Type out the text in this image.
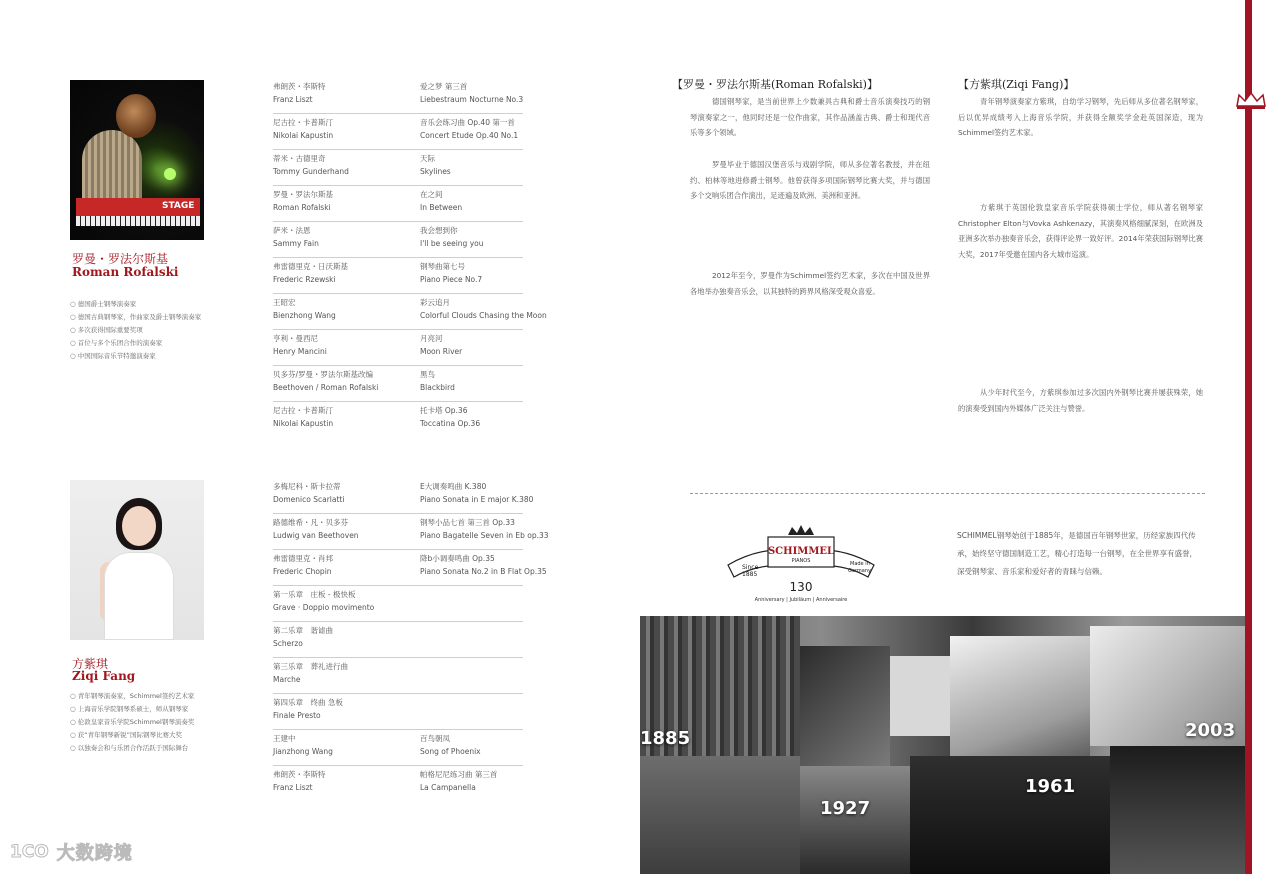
STAGE
罗曼・罗法尔斯基
Roman Rofalski
○ 德国爵士钢琴演奏家
○ 德国古典钢琴家，作曲家及爵士钢琴演奏家
○ 多次获得国际重要奖项
○ 首位与多个乐团合作的演奏家
○ 中国国际音乐节特邀演奏家
弗朗茨・李斯特
Franz Liszt
爱之梦 第三首
Liebestraum Nocturne No.3
尼古拉・卡普斯汀
Nikolai Kapustin
音乐会练习曲 Op.40 第一首
Concert Etude Op.40 No.1
蒂米・古德里奇
Tommy Gunderhand
天际
Skylines
罗曼・罗法尔斯基
Roman Rofalski
在之间
In Between
萨米・法恩
Sammy Fain
我会想到你
I'll be seeing you
弗雷德里克・日沃斯基
Frederic Rzewski
钢琴曲第七号
Piano Piece No.7
王昭宏
Bienzhong Wang
彩云追月
Colorful Clouds Chasing the Moon
亨利・曼西尼
Henry Mancini
月亮河
Moon River
贝多芬/罗曼・罗法尔斯基改编
Beethoven / Roman Rofalski
黑鸟
Blackbird
尼古拉・卡普斯汀
Nikolai Kapustin
托卡塔 Op.36
Toccatina Op.36
方紫琪
Ziqi Fang
○ 青年钢琴演奏家，Schimmel签约艺术家
○ 上海音乐学院钢琴系硕士，师从钢琴家
○ 伦敦皇家音乐学院Schimmel钢琴演奏奖
○ 获“青年钢琴新锐”国际钢琴比赛大奖
○ 以独奏会和与乐团合作活跃于国际舞台
多梅尼科・斯卡拉蒂
Domenico Scarlatti
E大调奏鸣曲 K.380
Piano Sonata in E major K.380
路德维希・凡・贝多芬
Ludwig van Beethoven
钢琴小品七首 第三首 Op.33
Piano Bagatelle Seven in Eb op.33
弗雷德里克・肖邦
Frederic Chopin
降b小调奏鸣曲 Op.35
Piano Sonata No.2 in B Flat Op.35
第一乐章　庄板 - 极快板
Grave · Doppio movimento
第二乐章　谐谑曲
Scherzo
第三乐章　葬礼进行曲
Marche
第四乐章　终曲 急板
Finale Presto
王建中
Jianzhong Wang
百鸟朝凤
Song of Phoenix
弗朗茨・李斯特
Franz Liszt
帕格尼尼练习曲 第三首
La Campanella
【罗曼・罗法尔斯基(Roman Rofalski)】

德国钢琴家，是当前世界上少数兼具古典和爵士音乐演奏技巧的钢琴演奏家之一，他同时还是一位作曲家，其作品涵盖古典、爵士和现代音乐等多个领域。

罗曼毕业于德国汉堡音乐与戏剧学院，师从多位著名教授，并在纽约、柏林等地进修爵士钢琴。他曾获得多项国际钢琴比赛大奖，并与德国多个交响乐团合作演出，足迹遍及欧洲、美洲和亚洲。

2012年至今，罗曼作为Schimmel签约艺术家，多次在中国及世界各地举办独奏音乐会，以其独特的跨界风格深受观众喜爱。

【方紫琪(Ziqi Fang)】

青年钢琴演奏家方紫琪，自幼学习钢琴，先后师从多位著名钢琴家，后以优异成绩考入上海音乐学院，并获得全额奖学金赴英国深造，现为Schimmel签约艺术家。

方紫琪于英国伦敦皇家音乐学院获得硕士学位，师从著名钢琴家Christopher Elton与Vovka Ashkenazy，其演奏风格细腻深刻，在欧洲及亚洲多次举办独奏音乐会，获得评论界一致好评。2014年荣获国际钢琴比赛大奖，2017年受邀在国内各大城市巡演。

从少年时代至今，方紫琪参加过多次国内外钢琴比赛并屡获殊荣，她的演奏受到国内外媒体广泛关注与赞誉。

Since
1885
SCHIMMEL
PIANOS	Made in
Germany
130
Anniversary | Jubiläum | Anniversaire

SCHIMMEL钢琴始创于1885年，是德国百年钢琴世家，历经家族四代传承，始终坚守德国制造工艺，精心打造每一台钢琴，在全世界享有盛誉，深受钢琴家、音乐家和爱好者的青睐与信赖。

1885
1927
1961
2003
1CO 大数跨境
